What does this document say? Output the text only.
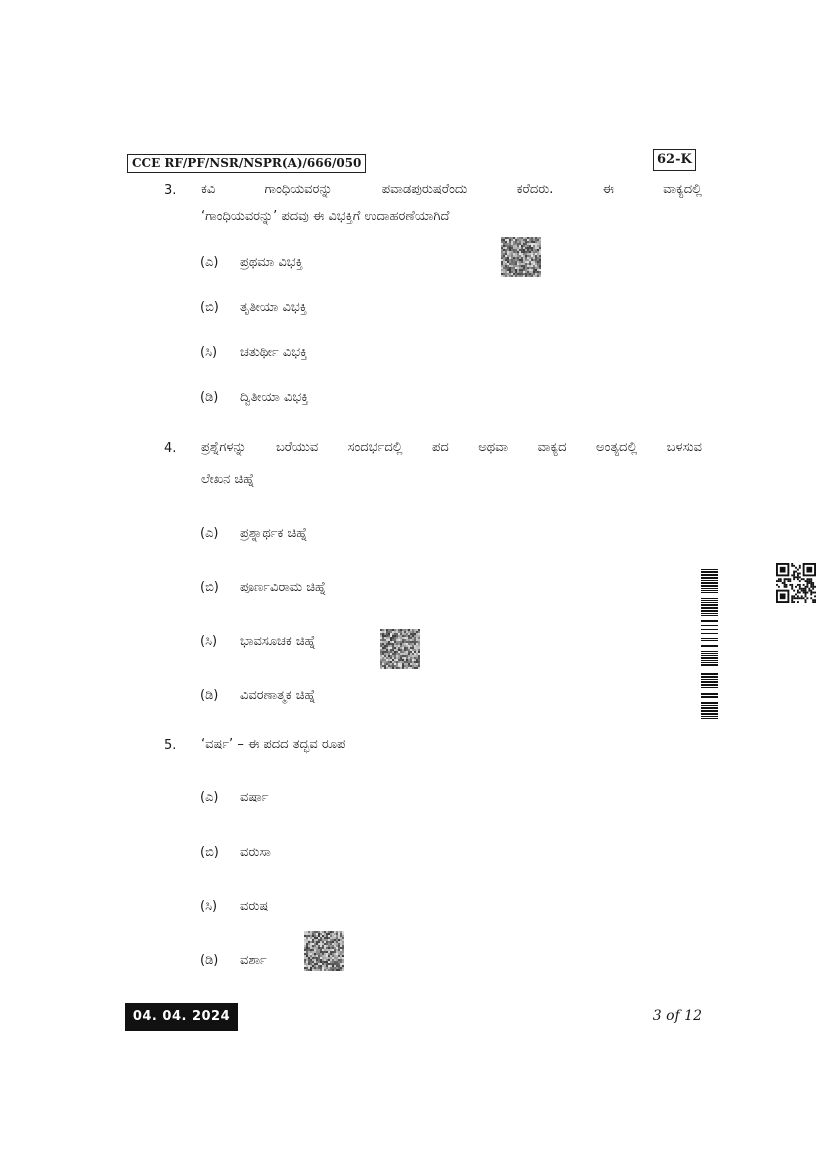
CCE RF/PF/NSR/NSPR(A)/666/050	62-K
3. ಕವಿ ಗಾಂಧಿಯವರನ್ನು ಪವಾಡಪುರುಷರೆಂದು ಕರೆದರು. ಈ ವಾಕ್ಯದಲ್ಲಿ
‘ಗಾಂಧಿಯವರನ್ನು’ ಪದವು ಈ ವಿಭಕ್ತಿಗೆ ಉದಾಹರಣೆಯಾಗಿದೆ
(ಎ) ಪ್ರಥಮಾ ವಿಭಕ್ತಿ
(ಬಿ) ತೃತೀಯಾ ವಿಭಕ್ತಿ
(ಸಿ) ಚತುರ್ಥೀ ವಿಭಕ್ತಿ
(ಡಿ) ದ್ವಿತೀಯಾ ವಿಭಕ್ತಿ
4. ಪ್ರಶ್ನೆಗಳನ್ನು ಬರೆಯುವ ಸಂದರ್ಭದಲ್ಲಿ ಪದ ಅಥವಾ ವಾಕ್ಯದ ಅಂತ್ಯದಲ್ಲಿ ಬಳಸುವ
ಲೇಖನ ಚಿಹ್ನೆ
(ಎ) ಪ್ರಶ್ನಾರ್ಥಕ ಚಿಹ್ನೆ
(ಬಿ) ಪೂರ್ಣವಿರಾಮ ಚಿಹ್ನೆ
(ಸಿ) ಭಾವಸೂಚಕ ಚಿಹ್ನೆ
(ಡಿ) ವಿವರಣಾತ್ಮಕ ಚಿಹ್ನೆ
5. ‘ವರ್ಷ’ – ಈ ಪದದ ತದ್ಭವ ರೂಪ
(ಎ) ವರ್ಷಾ
(ಬಿ) ವರುಸಾ
(ಸಿ) ವರುಷ
(ಡಿ) ವರ್ಶಾ
04. 04. 2024	3 of 12
